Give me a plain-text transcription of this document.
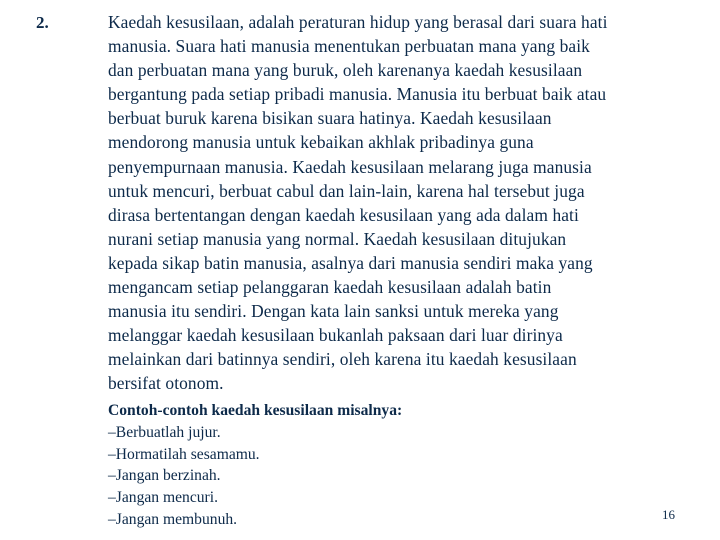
2.	Kaedah kesusilaan, adalah peraturan hidup yang berasal dari suara hati
manusia. Suara hati manusia menentukan perbuatan mana yang baik
dan perbuatan mana yang buruk, oleh karenanya kaedah kesusilaan
bergantung pada setiap pribadi manusia. Manusia itu berbuat baik atau
berbuat buruk karena bisikan suara hatinya. Kaedah kesusilaan
mendorong manusia untuk kebaikan akhlak pribadinya guna
penyempurnaan manusia. Kaedah kesusilaan melarang juga manusia
untuk mencuri, berbuat cabul dan lain-lain, karena hal tersebut juga
dirasa bertentangan dengan kaedah kesusilaan yang ada dalam hati
nurani setiap manusia yang normal. Kaedah kesusilaan ditujukan
kepada sikap batin manusia, asalnya dari manusia sendiri maka yang
mengancam setiap pelanggaran kaedah kesusilaan adalah batin
manusia itu sendiri. Dengan kata lain sanksi untuk mereka yang
melanggar kaedah kesusilaan bukanlah paksaan dari luar dirinya
melainkan dari batinnya sendiri, oleh karena itu kaedah kesusilaan
bersifat otonom.

Contoh-contoh kaedah kesusilaan misalnya:
–Berbuatlah jujur.
–Hormatilah sesamamu.
–Jangan berzinah.
–Jangan mencuri.
–Jangan membunuh.	16
